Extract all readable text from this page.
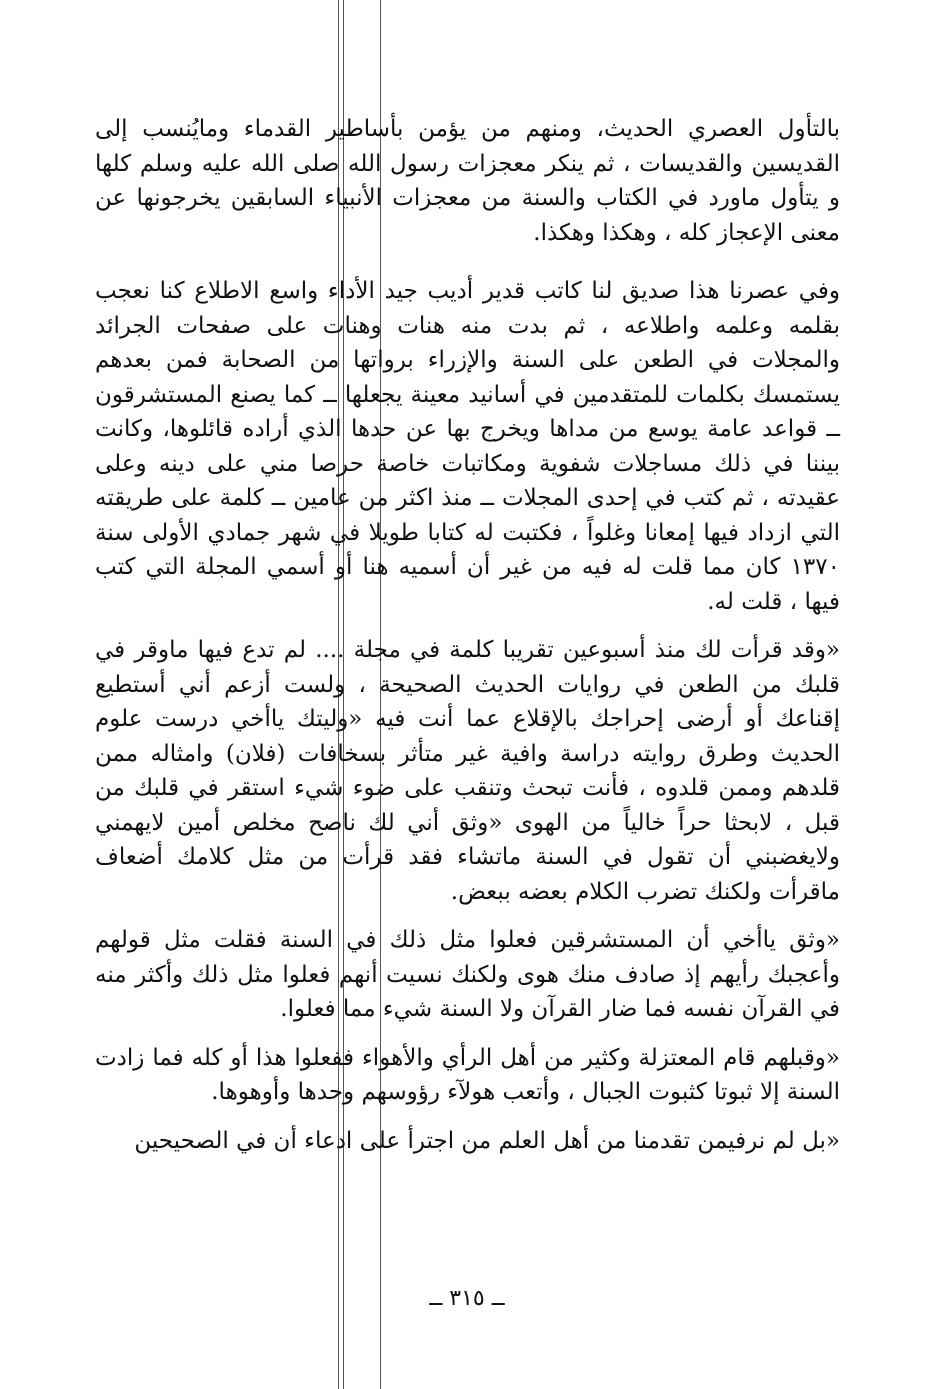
بالتأول العصري الحديث، ومنهم من يؤمن بأساطير القدماء ومايُنسب إلى القديسين والقديسات ، ثم ينكر معجزات رسول الله صلى الله عليه وسلم كلها و يتأول ماورد في الكتاب والسنة من معجزات الأنبياء السابقين يخرجونها عن معنى الإعجاز كله ، وهكذا وهكذا.

وفي عصرنا هذا صديق لنا كاتب قدير أديب جيد الأداء واسع الاطلاع كنا نعجب بقلمه وعلمه واطلاعه ، ثم بدت منه هنات وهنات على صفحات الجرائد والمجلات في الطعن على السنة والإزراء برواتها من الصحابة فمن بعدهم يستمسك بكلمات للمتقدمين في أسانيد معينة يجعلها ــ كما يصنع المستشرقون ــ قواعد عامة يوسع من مداها ويخرج بها عن حدها الذي أراده قائلوها، وكانت بيننا في ذلك مساجلات شفوية ومكاتبات خاصة حرصا مني على دينه وعلى عقيدته ، ثم كتب في إحدى المجلات ــ منذ اكثر من عامين ــ كلمة على طريقته التي ازداد فيها إمعانا وغلواً ، فكتبت له كتابا طويلا في شهر جمادي الأولى سنة ١٣٧٠ كان مما قلت له فيه من غير أن أسميه هنا أو أسمي المجلة التي كتب فيها ، قلت له.

«وقد قرأت لك منذ أسبوعين تقريبا كلمة في مجلة .... لم تدع فيها ماوقر في قلبك من الطعن في روايات الحديث الصحيحة ، ولست أزعم أني أستطيع إقناعك أو أرضى إحراجك بالإقلاع عما أنت فيه «وليتك ياأخي درست علوم الحديث وطرق روايته دراسة وافية غير متأثر بسخافات (فلان) وامثاله ممن قلدهم وممن قلدوه ، فأنت تبحث وتنقب على ضوء شيء استقر في قلبك من قبل ، لابحثا حراً خالياً من الهوى «وثق أني لك ناصح مخلص أمين لايهمني ولايغضبني أن تقول في السنة ماتشاء فقد قرأت من مثل كلامك أضعاف ماقرأت ولكنك تضرب الكلام بعضه ببعض.

«وثق ياأخي أن المستشرقين فعلوا مثل ذلك في السنة فقلت مثل قولهم وأعجبك رأيهم إذ صادف منك هوى ولكنك نسيت أنهم فعلوا مثل ذلك وأكثر منه في القرآن نفسه فما ضار القرآن ولا السنة شيء مما فعلوا.

«وقبلهم قام المعتزلة وكثير من أهل الرأي والأهواء ففعلوا هذا أو كله فما زادت السنة إلا ثبوتا كثبوت الجبال ، وأتعب هولآء رؤوسهم وحدها وأوهوها.

«بل لم نرفيمن تقدمنا من أهل العلم من اجترأ على ادعاء أن في الصحيحين

ــ ٣١٥ ــ
